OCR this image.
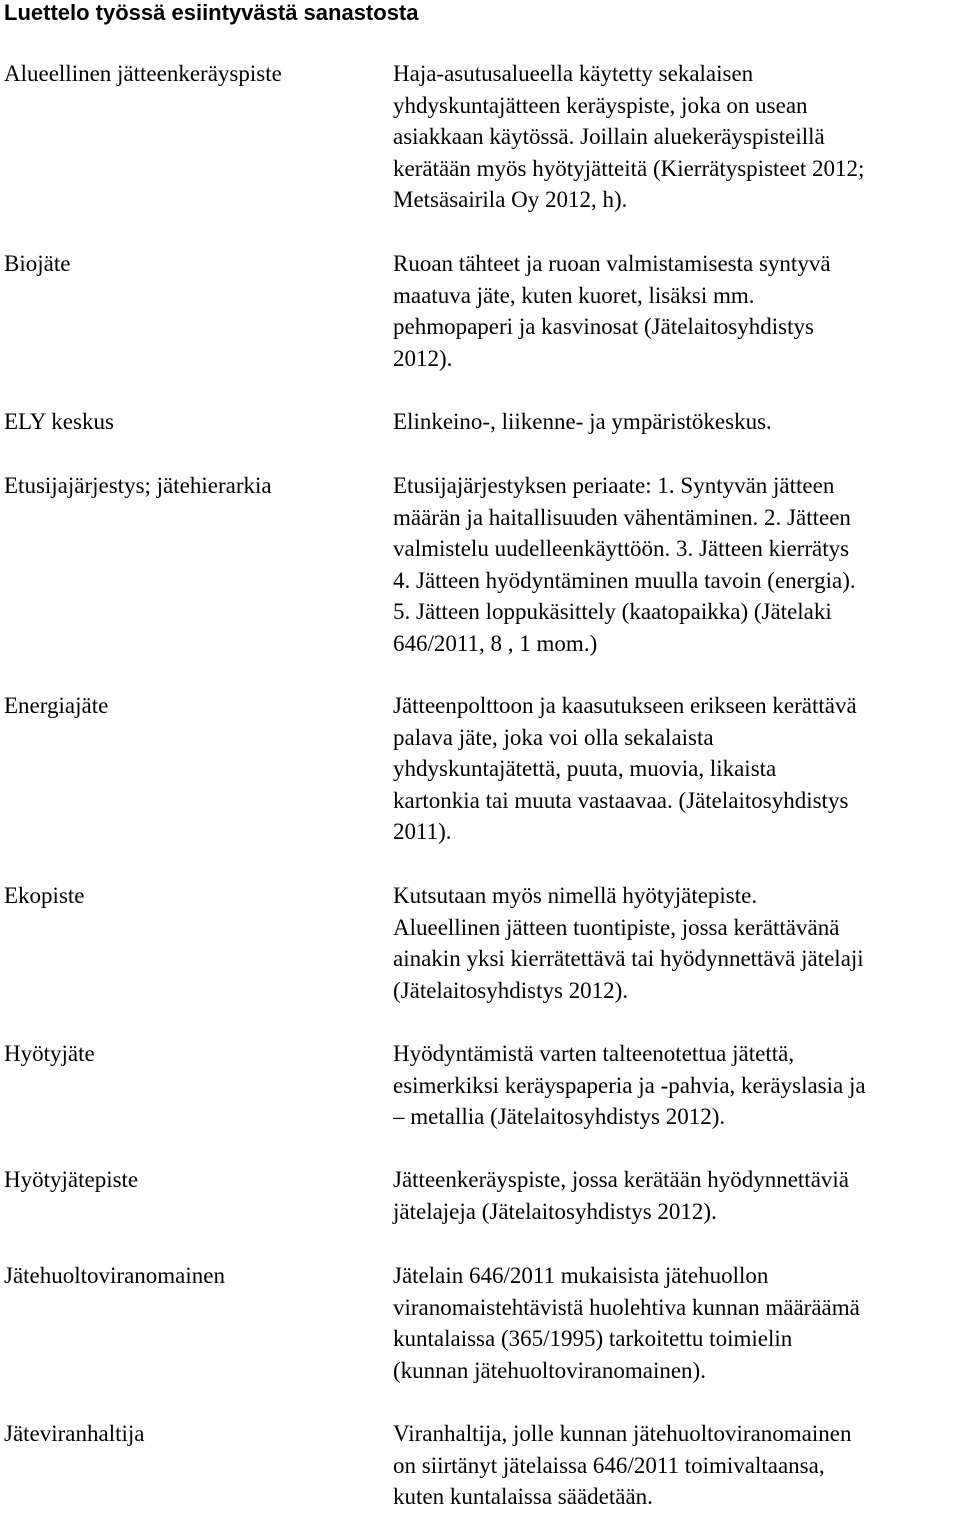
Luettelo työssä esiintyvästä sanastosta
Alueellinen jätteenkeräyspiste	Haja-asutusalueella käytetty sekalaisen
yhdyskuntajätteen keräyspiste, joka on usean
asiakkaan käytössä. Joillain aluekeräyspisteillä
kerätään myös hyötyjätteitä (Kierrätyspisteet 2012;
Metsäsairila Oy 2012, h).
Biojäte	Ruoan tähteet ja ruoan valmistamisesta syntyvä
maatuva jäte, kuten kuoret, lisäksi mm.
pehmopaperi ja kasvinosat (Jätelaitosyhdistys
2012).
ELY keskus	Elinkeino-, liikenne- ja ympäristökeskus.
Etusijajärjestys; jätehierarkia	Etusijajärjestyksen periaate: 1. Syntyvän jätteen
määrän ja haitallisuuden vähentäminen. 2. Jätteen
valmistelu uudelleenkäyttöön. 3. Jätteen kierrätys
4. Jätteen hyödyntäminen muulla tavoin (energia).
5. Jätteen loppukäsittely (kaatopaikka) (Jätelaki
646/2011, 8 , 1 mom.)
Energiajäte	Jätteenpolttoon ja kaasutukseen erikseen kerättävä
palava jäte, joka voi olla sekalaista
yhdyskuntajätettä, puuta, muovia, likaista
kartonkia tai muuta vastaavaa. (Jätelaitosyhdistys
2011).
Ekopiste	Kutsutaan myös nimellä hyötyjätepiste.
Alueellinen jätteen tuontipiste, jossa kerättävänä
ainakin yksi kierrätettävä tai hyödynnettävä jätelaji
(Jätelaitosyhdistys 2012).
Hyötyjäte	Hyödyntämistä varten talteenotettua jätettä,
esimerkiksi keräyspaperia ja -pahvia, keräyslasia ja
– metallia (Jätelaitosyhdistys 2012).
Hyötyjätepiste	Jätteenkeräyspiste, jossa kerätään hyödynnettäviä
jätelajeja (Jätelaitosyhdistys 2012).
Jätehuoltoviranomainen	Jätelain 646/2011 mukaisista jätehuollon
viranomaistehtävistä huolehtiva kunnan määräämä
kuntalaissa (365/1995) tarkoitettu toimielin
(kunnan jätehuoltoviranomainen).
Jäteviranhaltija	Viranhaltija, jolle kunnan jätehuoltoviranomainen
on siirtänyt jätelaissa 646/2011 toimivaltaansa,
kuten kuntalaissa säädetään.
